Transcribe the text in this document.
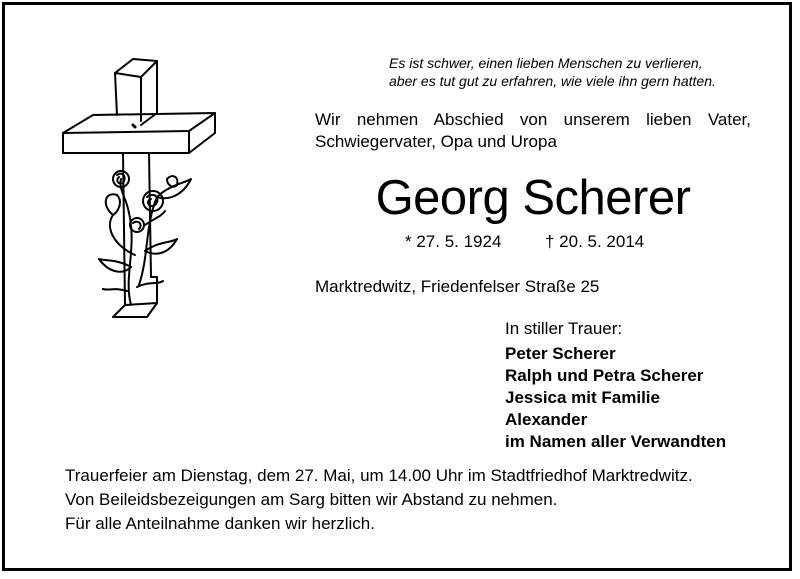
Es ist schwer, einen lieben Menschen zu verlieren,
aber es tut gut zu erfahren, wie viele ihn gern hatten.
Wir nehmen Abschied von unserem lieben Vater,
Schwiegervater, Opa und Uropa
Georg Scherer
* 27. 5. 1924	† 20. 5. 2014
Marktredwitz, Friedenfelser Straße 25
In stiller Trauer:
Peter Scherer
Ralph und Petra Scherer
Jessica mit Familie
Alexander
im Namen aller Verwandten
Trauerfeier am Dienstag, dem 27. Mai, um 14.00 Uhr im Stadtfriedhof Marktredwitz.
Von Beileidsbezeigungen am Sarg bitten wir Abstand zu nehmen.
Für alle Anteilnahme danken wir herzlich.
